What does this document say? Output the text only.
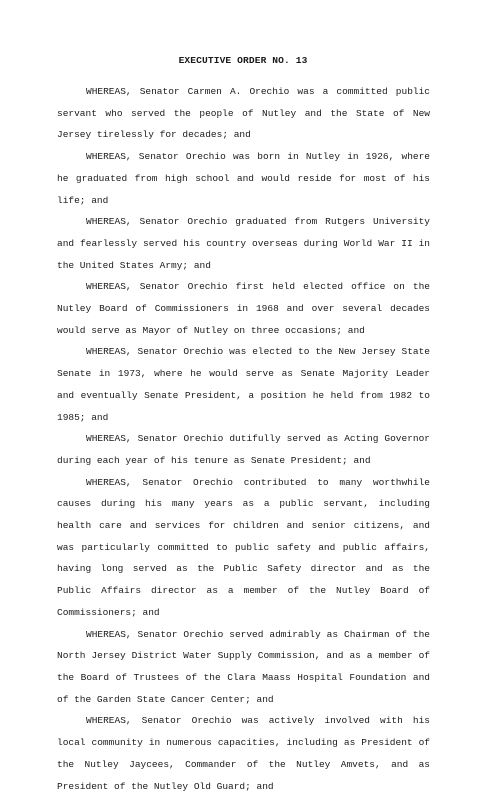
EXECUTIVE ORDER NO. 13

WHEREAS, Senator Carmen A. Orechio was a committed public servant who served the people of Nutley and the State of New Jersey tirelessly for decades; and

WHEREAS, Senator Orechio was born in Nutley in 1926, where he graduated from high school and would reside for most of his life; and

WHEREAS, Senator Orechio graduated from Rutgers University and fearlessly served his country overseas during World War II in the United States Army; and

WHEREAS, Senator Orechio first held elected office on the Nutley Board of Commissioners in 1968 and over several decades would serve as Mayor of Nutley on three occasions; and

WHEREAS, Senator Orechio was elected to the New Jersey State Senate in 1973, where he would serve as Senate Majority Leader and eventually Senate President, a position he held from 1982 to 1985; and

WHEREAS, Senator Orechio dutifully served as Acting Governor during each year of his tenure as Senate President; and

WHEREAS, Senator Orechio contributed to many worthwhile causes during his many years as a public servant, including health care and services for children and senior citizens, and was particularly committed to public safety and public affairs, having long served as the Public Safety director and as the Public Affairs director as a member of the Nutley Board of Commissioners; and

WHEREAS, Senator Orechio served admirably as Chairman of the North Jersey District Water Supply Commission, and as a member of the Board of Trustees of the Clara Maass Hospital Foundation and of the Garden State Cancer Center; and

WHEREAS, Senator Orechio was actively involved with his local community in numerous capacities, including as President of the Nutley Jaycees, Commander of the Nutley Amvets, and as President of the Nutley Old Guard; and
